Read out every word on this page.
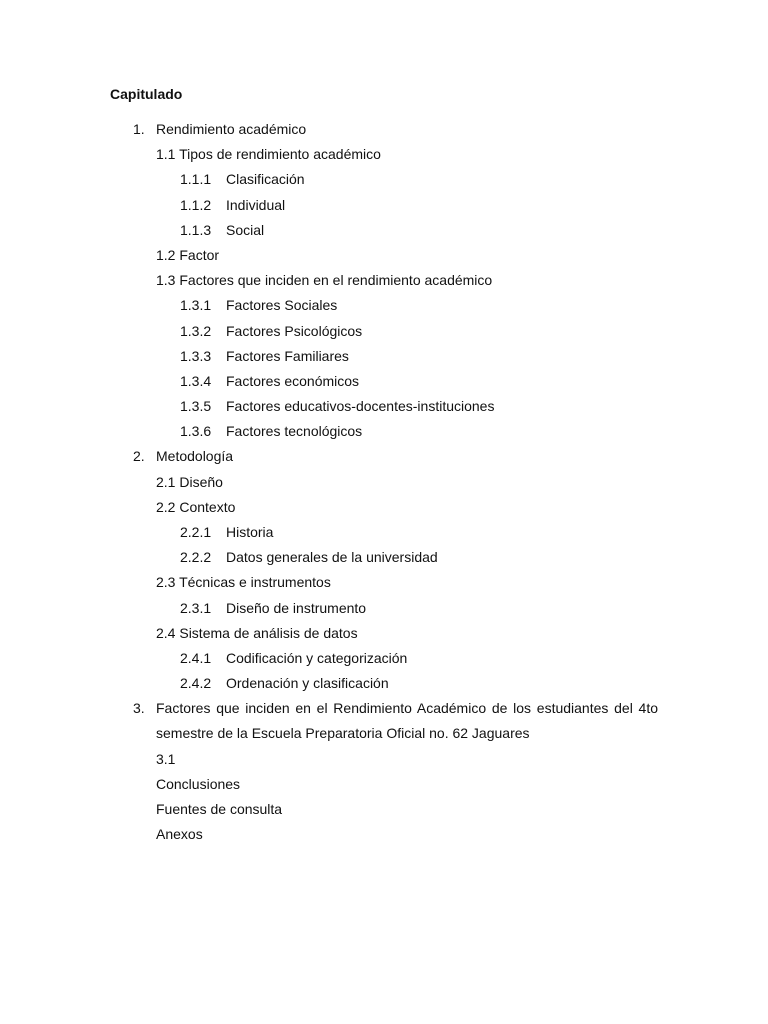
Capitulado
1. Rendimiento académico
1.1 Tipos de rendimiento académico
1.1.1 Clasificación
1.1.2 Individual
1.1.3 Social
1.2 Factor
1.3 Factores que inciden en el rendimiento académico
1.3.1 Factores Sociales
1.3.2 Factores Psicológicos
1.3.3 Factores Familiares
1.3.4 Factores económicos
1.3.5 Factores educativos-docentes-instituciones
1.3.6 Factores tecnológicos
2. Metodología
2.1 Diseño
2.2 Contexto
2.2.1 Historia
2.2.2 Datos generales de la universidad
2.3 Técnicas e instrumentos
2.3.1 Diseño de instrumento
2.4 Sistema de análisis de datos
2.4.1 Codificación y categorización
2.4.2 Ordenación y clasificación
3. Factores que inciden en el Rendimiento Académico de los estudiantes del 4to semestre de la Escuela Preparatoria Oficial no. 62 Jaguares
3.1
Conclusiones
Fuentes de consulta
Anexos
